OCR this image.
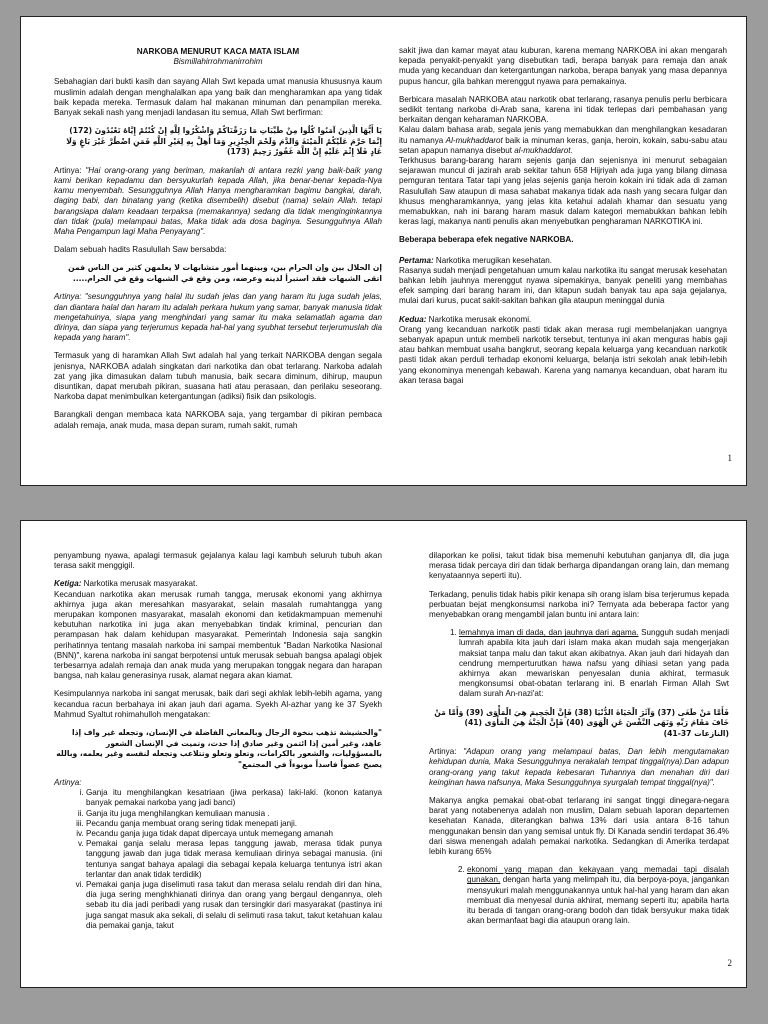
NARKOBA MENURUT KACA MATA ISLAM

Bismillahirrohmanirrohim

Sebahagian dari bukti kasih dan sayang Allah Swt kepada umat manusia khususnya kaum muslimin adalah dengan menghalalkan apa yang baik dan mengharamkan apa yang tidak baik kepada mereka. Termasuk dalam hal makanan minuman dan penampilan mereka. Banyak sekali nash yang menjadi landasan itu semua, Allah Swt berfirman:

يَا أَيُّهَا الَّذِينَ آمَنُوا كُلُوا مِنْ طَيِّبَاتِ مَا رَزَقْنَاكُمْ وَاشْكُرُوا لِلَّهِ إِنْ كُنْتُمْ إِيَّاهُ تَعْبُدُونَ (172) إِنَّمَا حَرَّمَ عَلَيْكُمُ الْمَيْتَةَ وَالدَّمَ وَلَحْمَ الْخِنْزِيرِ وَمَا أُهِلَّ بِهِ لِغَيْرِ اللَّهِ فَمَنِ اضْطُرَّ غَيْرَ بَاغٍ وَلَا عَادٍ فَلَا إِثْمَ عَلَيْهِ إِنَّ اللَّهَ غَفُورٌ رَحِيمٌ (173)

Artinya: "Hai orang-orang yang beriman, makanlah di antara rezki yang baik-baik yang kami berikan kepadamu dan bersyukurlah kepada Allah, jika benar-benar kepada-Nya kamu menyembah. Sesungguhnya Allah Hanya mengharamkan bagimu bangkai, darah, daging babi, dan binatang yang (ketika disembelih) disebut (nama) selain Allah. tetapi barangsiapa dalam keadaan terpaksa (memakannya) sedang dia tidak menginginkannya dan tidak (pula) melampaui batas, Maka tidak ada dosa baginya. Sesungguhnya Allah Maha Pengampun lagi Maha Penyayang".

Dalam sebuah hadits Rasulullah Saw bersabda:

إن الحلال بين وإن الحرام بين، وبينهما أمور متشابهات لا يعلمهن كثير من الناس فمن اتقى الشبهات فقد استبرأ لدينه وعرضه، ومن وقع في الشبهات وقع في الحرام.....

Artinya: "sesungguhnya yang halal itu sudah jelas dan yang haram itu juga sudah jelas, dan diantara halal dan haram itu adalah perkara hukum yang samar, banyak manusia tidak mengetahuinya, siapa yang menghindari yang samar itu maka selamatlah agama dan dirinya, dan siapa yang terjerumus kepada hal-hal yang syubhat tersebut terjerumuslah dia kepada yang haram".

Termasuk yang di haramkan Allah Swt adalah hal yang terkait NARKOBA dengan segala jenisnya, NARKOBA adalah singkatan dari narkotika dan obat terlarang. Narkoba adalah zat yang jika dimasukan dalam tubuh manusia, baik secara diminum, dihirup, maupun disuntikan, dapat merubah pikiran, suasana hati atau perasaan, dan perilaku seseorang. Narkoba dapat menimbulkan ketergantungan (adiksi) fisik dan psikologis.

Barangkali dengan membaca kata NARKOBA saja, yang tergambar di pikiran pembaca adalah remaja, anak muda, masa depan suram, rumah sakit, rumah

sakit jiwa dan kamar mayat atau kuburan, karena memang NARKOBA ini akan mengarah kepada penyakit-penyakit yang disebutkan tadi, berapa banyak para remaja dan anak muda yang kecanduan dan ketergantungan narkoba, berapa banyak yang masa depannya pupus hancur, gila bahkan merenggut nyawa para pemakainya.

Berbicara masalah NARKOBA atau narkotik obat terlarang, rasanya penulis perlu berbicara sedikit tentang narkoba di-Arab sana, karena ini tidak terlepas dari pembahasan yang berkaitan dengan keharaman NARKOBA.

Kalau dalam bahasa arab, segala jenis yang memabukkan dan menghilangkan kesadaran itu namanya Al-mukhaddarot baik ia minuman keras, ganja, heroin, kokain, sabu-sabu atau setan apapun namanya disebut al-mukhaddarot.

Terkhusus barang-barang haram sejenis ganja dan sejenisnya ini menurut sebagaian sejarawan muncul di jazirah arab sekitar tahun 658 Hijriyah ada juga yang bilang dimasa pemguran tentara Tatar tapi yang jelas sejenis ganja heroin kokain ini tidak ada di zaman Rasulullah Saw ataupun di masa sahabat makanya tidak ada nash yang secara fulgar dan khusus mengharamkannya, yang jelas kita ketahui adalah khamar dan sesuatu yang memabukkan, nah ini barang haram masuk dalam kategori memabukkan bahkan lebih keras lagi, makanya nanti penulis akan menyebutkan pengharaman NARKOTIKA ini.

Beberapa beberapa efek negative NARKOBA.

Pertama: Narkotika merugikan kesehatan.

Rasanya sudah menjadi pengetahuan umum kalau narkotika itu sangat merusak kesehatan bahkan lebih jauhnya merenggut nyawa sipemakinya, banyak peneliti yang membahas efek samping dari barang haram ini, dan kitapun sudah banyak tau apa saja gejalanya, mulai dari kurus, pucat sakit-sakitan bahkan gila ataupun meninggal dunia

Kedua: Narkotika merusak ekonomi.

Orang yang kecanduan narkotik pasti tidak akan merasa rugi membelanjakan uangnya sebanyak apapun untuk membeli narkotik tersebut, tentunya ini akan menguras habis gaji atau bahkan membuat usaha bangkrut, seorang kepala keluarga yang kecanduan narkotik pasti tidak akan perduli terhadap ekonomi keluarga, belanja istri sekolah anak lebih-lebih yang ekonominya menengah kebawah. Karena yang namanya kecanduan, obat haram itu akan terasa bagai

1

penyambung nyawa, apalagi termasuk gejalanya kalau lagi kambuh seluruh tubuh akan terasa sakit menggigil.

Ketiga: Narkotika merusak masyarakat.

Kecanduan narkotika akan merusak rumah tangga, merusak ekonomi yang akhirnya akhirnya juga akan meresahkan masyarakat, selain masalah rumahtangga yang merupakan komponen masyarakat, masalah ekonomi dan ketidakmampuan memenuhi kebutuhan narkotika ini juga akan menyebabkan tindak kriminal, pencurian dan perampasan hak dalam kehidupan masyarakat. Pemerintah Indonesia saja sangkin perihatinnya tentang masalah narkoba ini sampai membentuk "Badan Narkotika Nasional (BNN)", karena narkoba ini sangat berpotensi untuk merusak sebuah bangsa apalagi objek terbesarnya adalah remaja dan anak muda yang merupakan tonggak negara dan harapan bangsa, nah kalau generasinya rusak, alamat negara akan kiamat.

Kesimpulannya narkoba ini sangat merusak, baik dari segi akhlak lebih-lebih agama, yang kecandua racun berbahaya ini akan jauh dari agama. Syekh Al-azhar yang ke 37 Syekh Mahmud Syaltut rohimahulloh mengatakan:

"والحشيشة تذهب بنخوة الرجال وبالمعاني الفاضلة في الإنسان، وتجعله غير واف إذا عاهد، وغير أمين إذا ائتمن وغير صادق إذا حدث، وتميت في الإنسان الشعور بالمسؤوليات، والشعور بالكرامات، وتعلو وتعلو وتتلاعب وتجعله لنفسه وغير يعلمه، وبالله يصبح عضواً فاسداً موبوءاً في المجتمع"

Artinya:

i. Ganja itu menghilangkan kesatriaan (jiwa perkasa) laki-laki. (konon katanya banyak pemakai narkoba yang jadi banci)
ii. Ganja itu juga menghilangkan kemuliaan manusia .
iii. Pecandu ganja membuat orang sering tidak menepati janji.
iv. Pecandu ganja juga tidak dapat dipercaya untuk memegang amanah
v. Pemakai ganja selalu merasa lepas tanggung jawab, merasa tidak punya tanggung jawab dan juga tidak merasa kemuliaan dirinya sebagai manusia. (ini tentunya sangat bahaya apalagi dia sebagai kepala keluarga tentunya istri akan terlantar dan anak tidak terdidik)
vi. Pemakai ganja juga diselimuti rasa takut dan merasa selalu rendah diri dan hina, dia juga sering menghkhianati dirinya dan orang yang bergaul dengannya, oleh sebab itu dia jadi peribadi yang rusak dan tersingkir dari masyarakat (pastinya ini juga sangat masuk aka sekali, di selalu di selimuti rasa takut, takut ketahuan kalau dia pemakai ganja, takut

dilaporkan ke polisi, takut tidak bisa memenuhi kebutuhan ganjanya dll, dia juga merasa tidak percaya diri dan tidak berharga dipandangan orang lain, dan memang kenyataannya seperti itu).

Terkadang, penulis tidak habis pikir kenapa sih orang islam bisa terjerumus kepada perbuatan bejat mengkonsumsi narkoba ini? Ternyata ada beberapa factor yang menyebabkan orang mengambil jalan buntu ini antara lain:

1. lemahnya iman di dada, dan jauhnya dari agama. Sungguh sudah menjadi lumrah apabila kita jauh dari islam maka akan mudah saja mengerjakan maksiat tanpa malu dan takut akan akibatnya. Akan jauh dari hidayah dan cendrung memperturutkan hawa nafsu yang dihiasi setan yang pada akhirnya akan mewariskan penyesalan dunia akhirat, termasuk mengkonsumsi obat-obatan terlarang ini. B enarlah Firman Allah Swt dalam surah An-nazi'at:

فَأَمَّا مَنْ طَغَى (37) وَآثَرَ الْحَيَاةَ الدُّنْيَا (38) فَإِنَّ الْجَحِيمَ هِيَ الْمَأْوَى (39) وَأَمَّا مَنْ خَافَ مَقَامَ رَبِّهِ وَنَهَى النَّفْسَ عَنِ الْهَوَى (40) فَإِنَّ الْجَنَّةَ هِيَ الْمَأْوَى (41) (النازعات 37-41)

Artinya: "Adapun orang yang melampaui batas, Dan lebih mengutamakan kehidupan dunia, Maka Sesungguhnya nerakalah tempat tinggal(nya).Dan adapun orang-orang yang takut kepada kebesaran Tuhannya dan menahan diri dari keinginan hawa nafsunya, Maka Sesungguhnya syurgalah tempat tinggal(nya)".

Makanya angka pemakai obat-obat terlarang ini sangat tinggi dinegara-negara barat yang notabenenya adalah non muslim, Dalam sebuah laporan departemen kesehatan Kanada, diterangkan bahwa 13% dari usia antara 8-16 tahun menggunakan bensin dan yang semisal untuk fly. Di Kanada sendiri terdapat 36.4% dari siswa menengah adalah pemakai narkotika. Sedangkan di Amerika terdapat lebih kurang 65%

2. ekonomi yang mapan dan kekayaan yang memadai tapi disalah gunakan, dengan harta yang melimpah itu, dia berpoya-poya, jangankan mensyukuri malah menggunakannya untuk hal-hal yang haram dan akan membuat dia menyesal dunia akhirat, memang seperti itu; apabila harta itu berada di tangan orang-orang bodoh dan tidak bersyukur maka tidak akan bermanfaat bagi dia ataupun orang lain.
2
